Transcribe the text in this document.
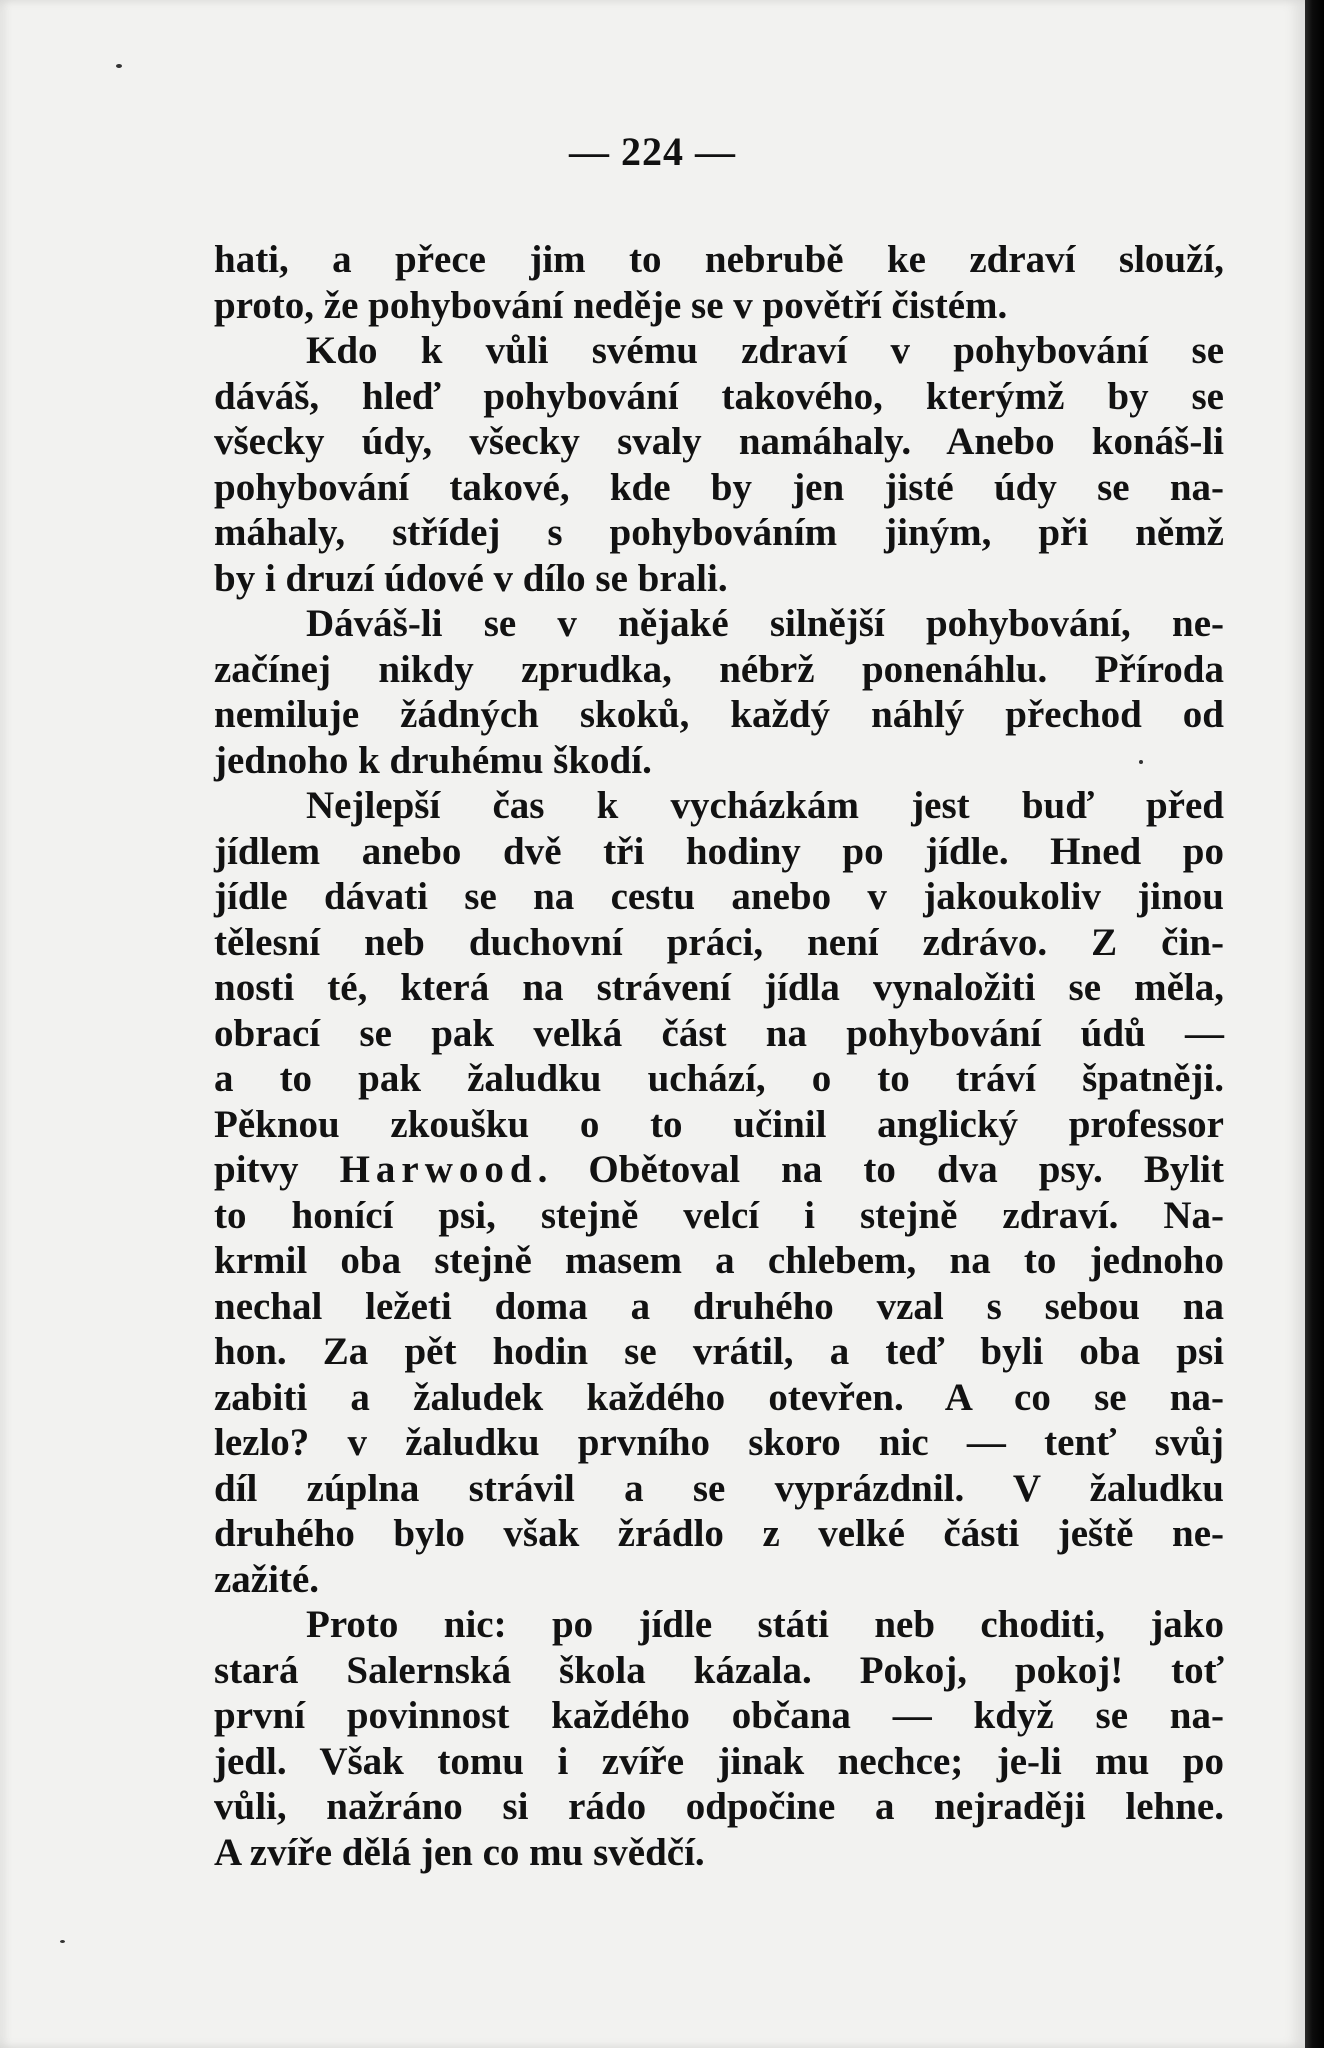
— 224 —
hati, a přece jim to nebrubě ke zdraví slouží,
proto, že pohybování neděje se v povětří čistém.
Kdo k vůli svému zdraví v pohybování se
dáváš, hleď pohybování takového, kterýmž by se
všecky údy, všecky svaly namáhaly. Anebo konáš-li
pohybování takové, kde by jen jisté údy se na-
máhaly, střídej s pohybováním jiným, při němž
by i druzí údové v dílo se brali.
Dáváš-li se v nějaké silnější pohybování, ne-
začínej nikdy zprudka, nébrž ponenáhlu. Příroda
nemiluje žádných skoků, každý náhlý přechod od
jednoho k druhému škodí.
Nejlepší čas k vycházkám jest buď před
jídlem anebo dvě tři hodiny po jídle. Hned po
jídle dávati se na cestu anebo v jakoukoliv jinou
tělesní neb duchovní práci, není zdrávo. Z čin-
nosti té, která na strávení jídla vynaložiti se měla,
obrací se pak velká část na pohybování údů —
a to pak žaludku uchází, o to tráví špatněji.
Pěknou zkoušku o to učinil anglický professor
pitvy Harwood. Obětoval na to dva psy. Bylit
to honící psi, stejně velcí i stejně zdraví. Na-
krmil oba stejně masem a chlebem, na to jednoho
nechal ležeti doma a druhého vzal s sebou na
hon. Za pět hodin se vrátil, a teď byli oba psi
zabiti a žaludek každého otevřen. A co se na-
lezlo? v žaludku prvního skoro nic — tenť svůj
díl zúplna strávil a se vyprázdnil. V žaludku
druhého bylo však žrádlo z velké části ještě ne-
zažité.
Proto nic: po jídle státi neb choditi, jako
stará Salernská škola kázala. Pokoj, pokoj! toť
první povinnost každého občana — když se na-
jedl. Však tomu i zvíře jinak nechce; je-li mu po
vůli, nažráno si rádo odpočine a nejraději lehne.
A zvíře dělá jen co mu svědčí.
